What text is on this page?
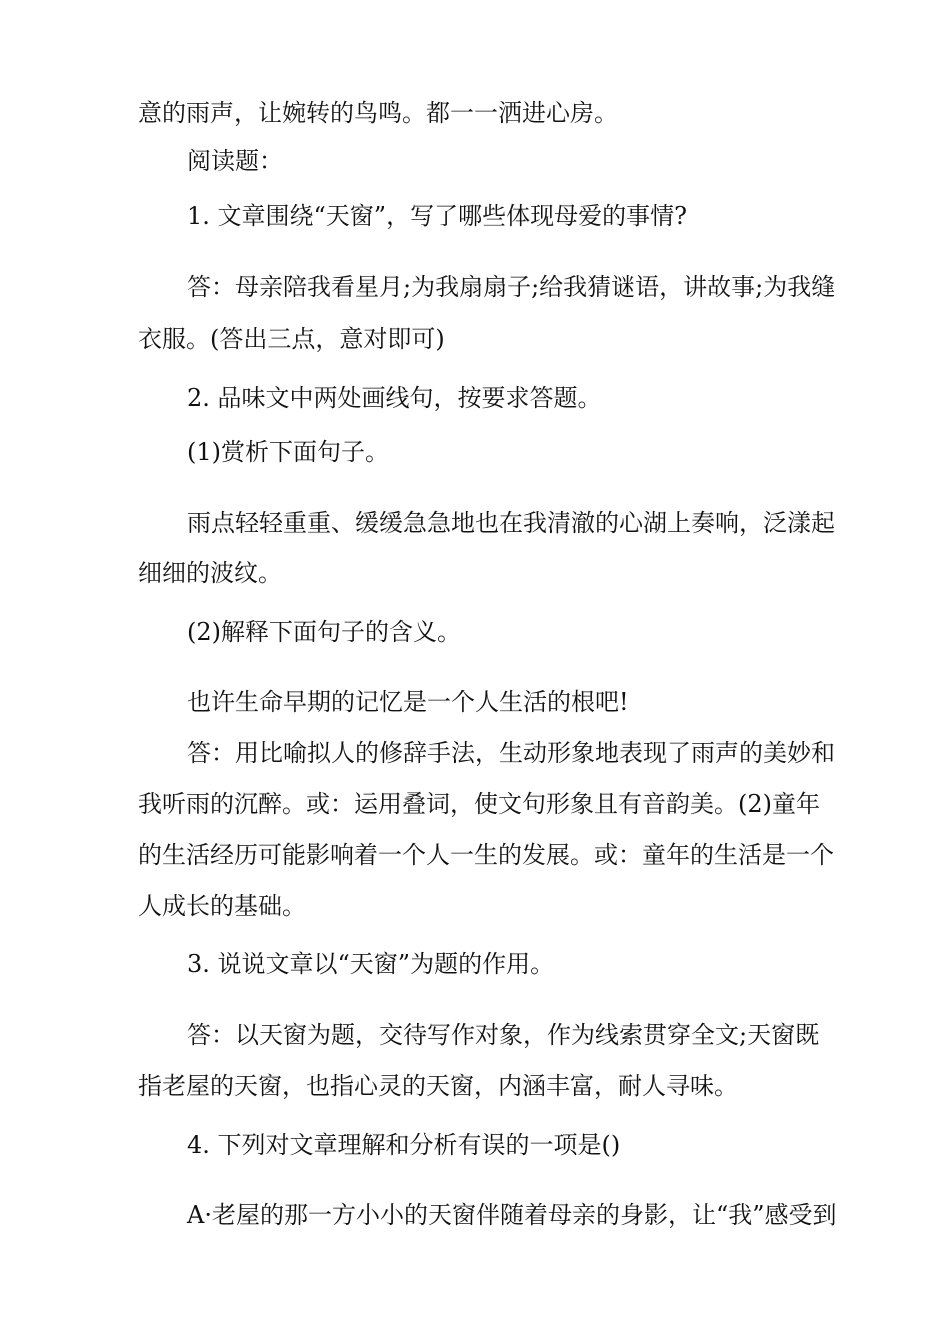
意的雨声，让婉转的鸟鸣。都一一洒进心房。
阅读题：
1. 文章围绕“天窗”，写了哪些体现母爱的事情?
答：母亲陪我看星月;为我扇扇子;给我猜谜语，讲故事;为我缝
衣服。(答出三点，意对即可)
2. 品味文中两处画线句，按要求答题。
(1)赏析下面句子。
雨点轻轻重重、缓缓急急地也在我清澈的心湖上奏响，泛漾起
细细的波纹。
(2)解释下面句子的含义。
也许生命早期的记忆是一个人生活的根吧!
答：用比喻拟人的修辞手法，生动形象地表现了雨声的美妙和
我听雨的沉醉。或：运用叠词，使文句形象且有音韵美。(2)童年
的生活经历可能影响着一个人一生的发展。或：童年的生活是一个
人成长的基础。
3. 说说文章以“天窗”为题的作用。
答：以天窗为题，交待写作对象，作为线索贯穿全文;天窗既
指老屋的天窗，也指心灵的天窗，内涵丰富，耐人寻味。
4. 下列对文章理解和分析有误的一项是()
A·老屋的那一方小小的天窗伴随着母亲的身影，让“我”感受到
